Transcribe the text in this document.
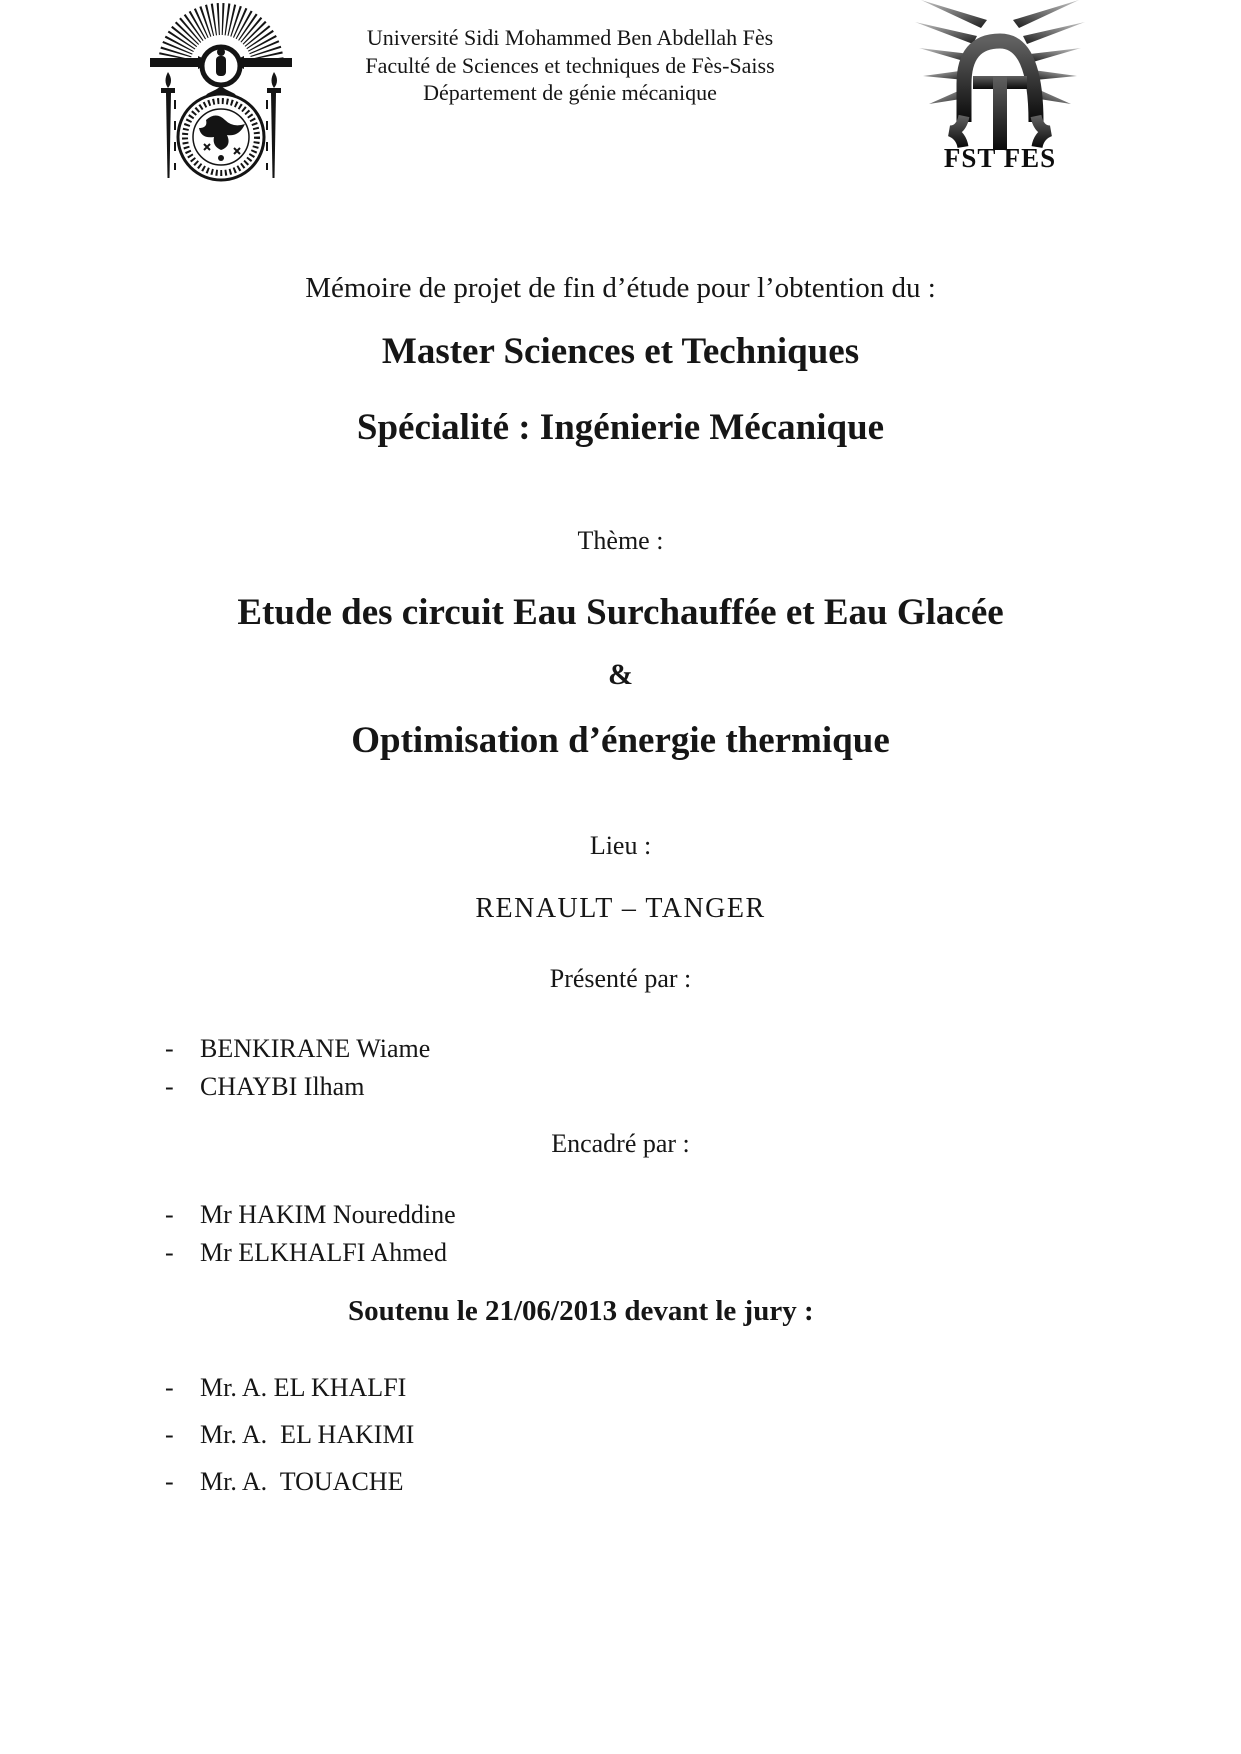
Université Sidi Mohammed Ben Abdellah Fès
Faculté de Sciences et techniques de Fès-Saiss
Département de génie mécanique
FST FES
Mémoire de projet de fin d’étude pour l’obtention du :
Master Sciences et Techniques
Spécialité : Ingénierie Mécanique
Thème :
Etude des circuit Eau Surchauffée et Eau Glacée
&
Optimisation d’énergie thermique
Lieu :
RENAULT – TANGER
Présenté par :
-	BENKIRANE Wiame
-	CHAYBI Ilham
Encadré par :
-	Mr HAKIM Noureddine
-	Mr ELKHALFI Ahmed
Soutenu le 21/06/2013 devant le jury :
-	Mr. A. EL KHALFI
-	Mr. A.  EL HAKIMI
-	Mr. A.  TOUACHE
